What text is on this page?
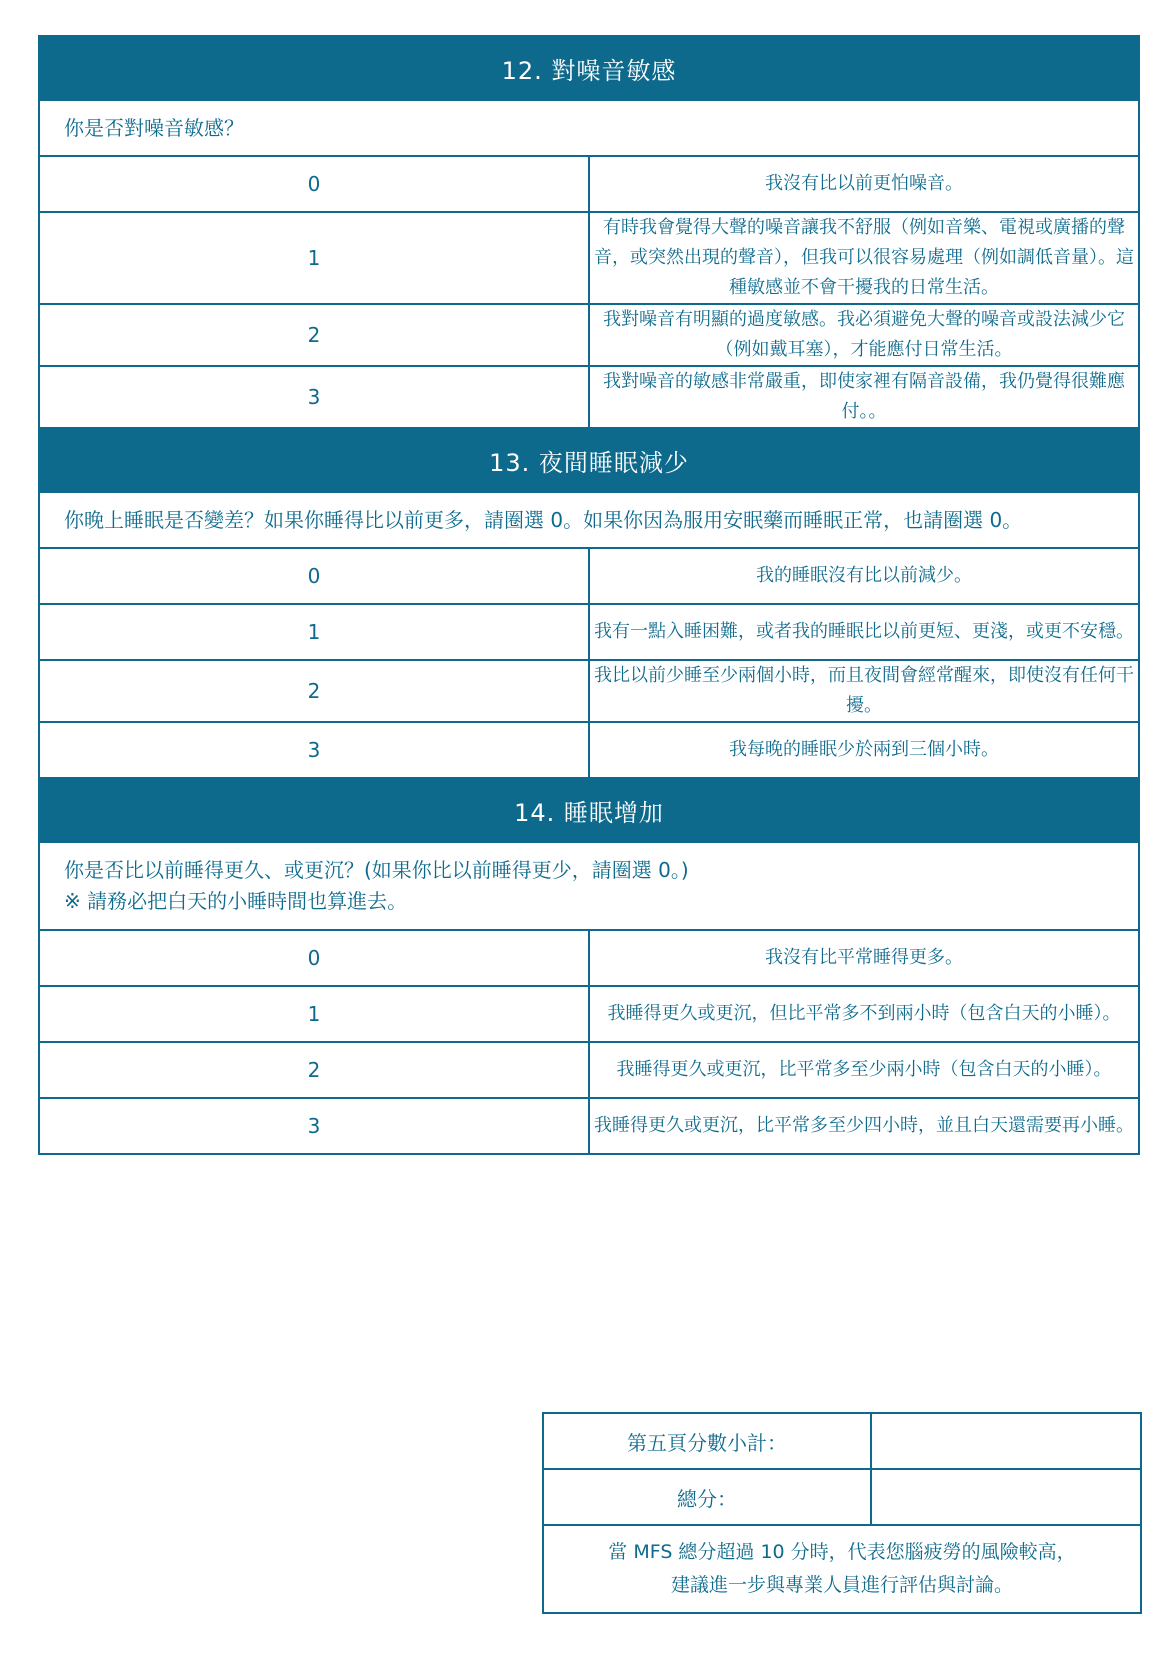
12. 對噪音敏感	
你是否對噪音敏感？	
0	我沒有比以前更怕噪音。
1	有時我會覺得大聲的噪音讓我不舒服（例如音樂、電視或廣播的聲音，或突然出現的聲音），但我可以很容易處理（例如調低音量）。這種敏感並不會干擾我的日常生活。
2	我對噪音有明顯的過度敏感。我必須避免大聲的噪音或設法減少它（例如戴耳塞），才能應付日常生活。
3	我對噪音的敏感非常嚴重，即使家裡有隔音設備，我仍覺得很難應付。。
13. 夜間睡眠減少	
你晚上睡眠是否變差？如果你睡得比以前更多，請圈選 0。如果你因為服用安眠藥而睡眠正常，也請圈選 0。	
0	我的睡眠沒有比以前減少。
1	我有一點入睡困難，或者我的睡眠比以前更短、更淺，或更不安穩。
2	我比以前少睡至少兩個小時，而且夜間會經常醒來，即使沒有任何干擾。
3	我每晚的睡眠少於兩到三個小時。
14. 睡眠增加	

你是否比以前睡得更久、或更沉？(如果你比以前睡得更少，請圈選 0。)
※ 請務必把白天的小睡時間也算進去。	

0	我沒有比平常睡得更多。
1	我睡得更久或更沉，但比平常多不到兩小時（包含白天的小睡）。
2	我睡得更久或更沉，比平常多至少兩小時（包含白天的小睡）。
3	我睡得更久或更沉，比平常多至少四小時，並且白天還需要再小睡。
第五頁分數小計：	
總分：	

當 MFS 總分超過 10 分時，代表您腦疲勞的風險較高，
建議進一步與專業人員進行評估與討論。	
